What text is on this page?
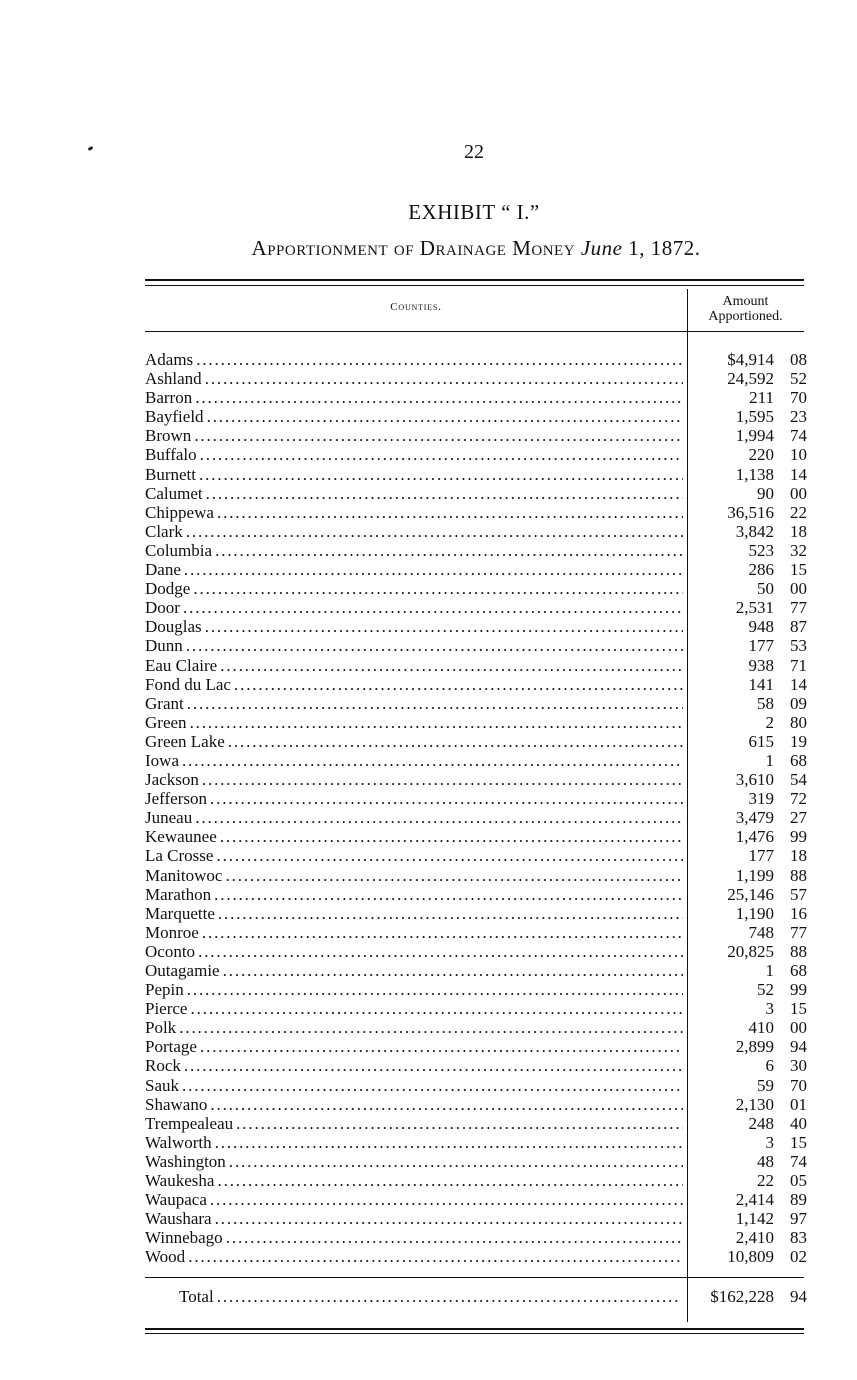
22
EXHIBIT “ I.”
Apportionment of Drainage Money June 1, 1872.
Counties.	Amount
Apportioned.
Adams . . .	$4,914 08
Ashland . . .	24,592 52
Barron . . .	211 70
Bayfield . . .	1,595 23
Brown . . .	1,994 74
Buffalo . . .	220 10
Burnett . . .	1,138 14
Calumet . . .	90 00
Chippewa . . .	36,516 22
Clark . . .	3,842 18
Columbia . . .	523 32
Dane . . .	286 15
Dodge . . .	50 00
Door . . .	2,531 77
Douglas . . .	948 87
Dunn . . .	177 53
Eau Claire . . .	938 71
Fond du Lac . . .	141 14
Grant . . .	58 09
Green . . .	2 80
Green Lake . . .	615 19
Iowa . . .	1 68
Jackson . . .	3,610 54
Jefferson . . .	319 72
Juneau . . .	3,479 27
Kewaunee . . .	1,476 99
La Crosse . . .	177 18
Manitowoc . . .	1,199 88
Marathon . . .	25,146 57
Marquette . . .	1,190 16
Monroe . . .	748 77
Oconto . . .	20,825 88
Outagamie . . .	1 68
Pepin . . .	52 99
Pierce . . .	3 15
Polk . . .	410 00
Portage . . .	2,899 94
Rock . . .	6 30
Sauk . . .	59 70
Shawano . . .	2,130 01
Trempealeau . . .	248 40
Walworth . . .	3 15
Washington . . .	48 74
Waukesha . . .	22 05
Waupaca . . .	2,414 89
Waushara . . .	1,142 97
Winnebago . . .	2,410 83
Wood . . .	10,809 02
Total . . .	$162,228 94
